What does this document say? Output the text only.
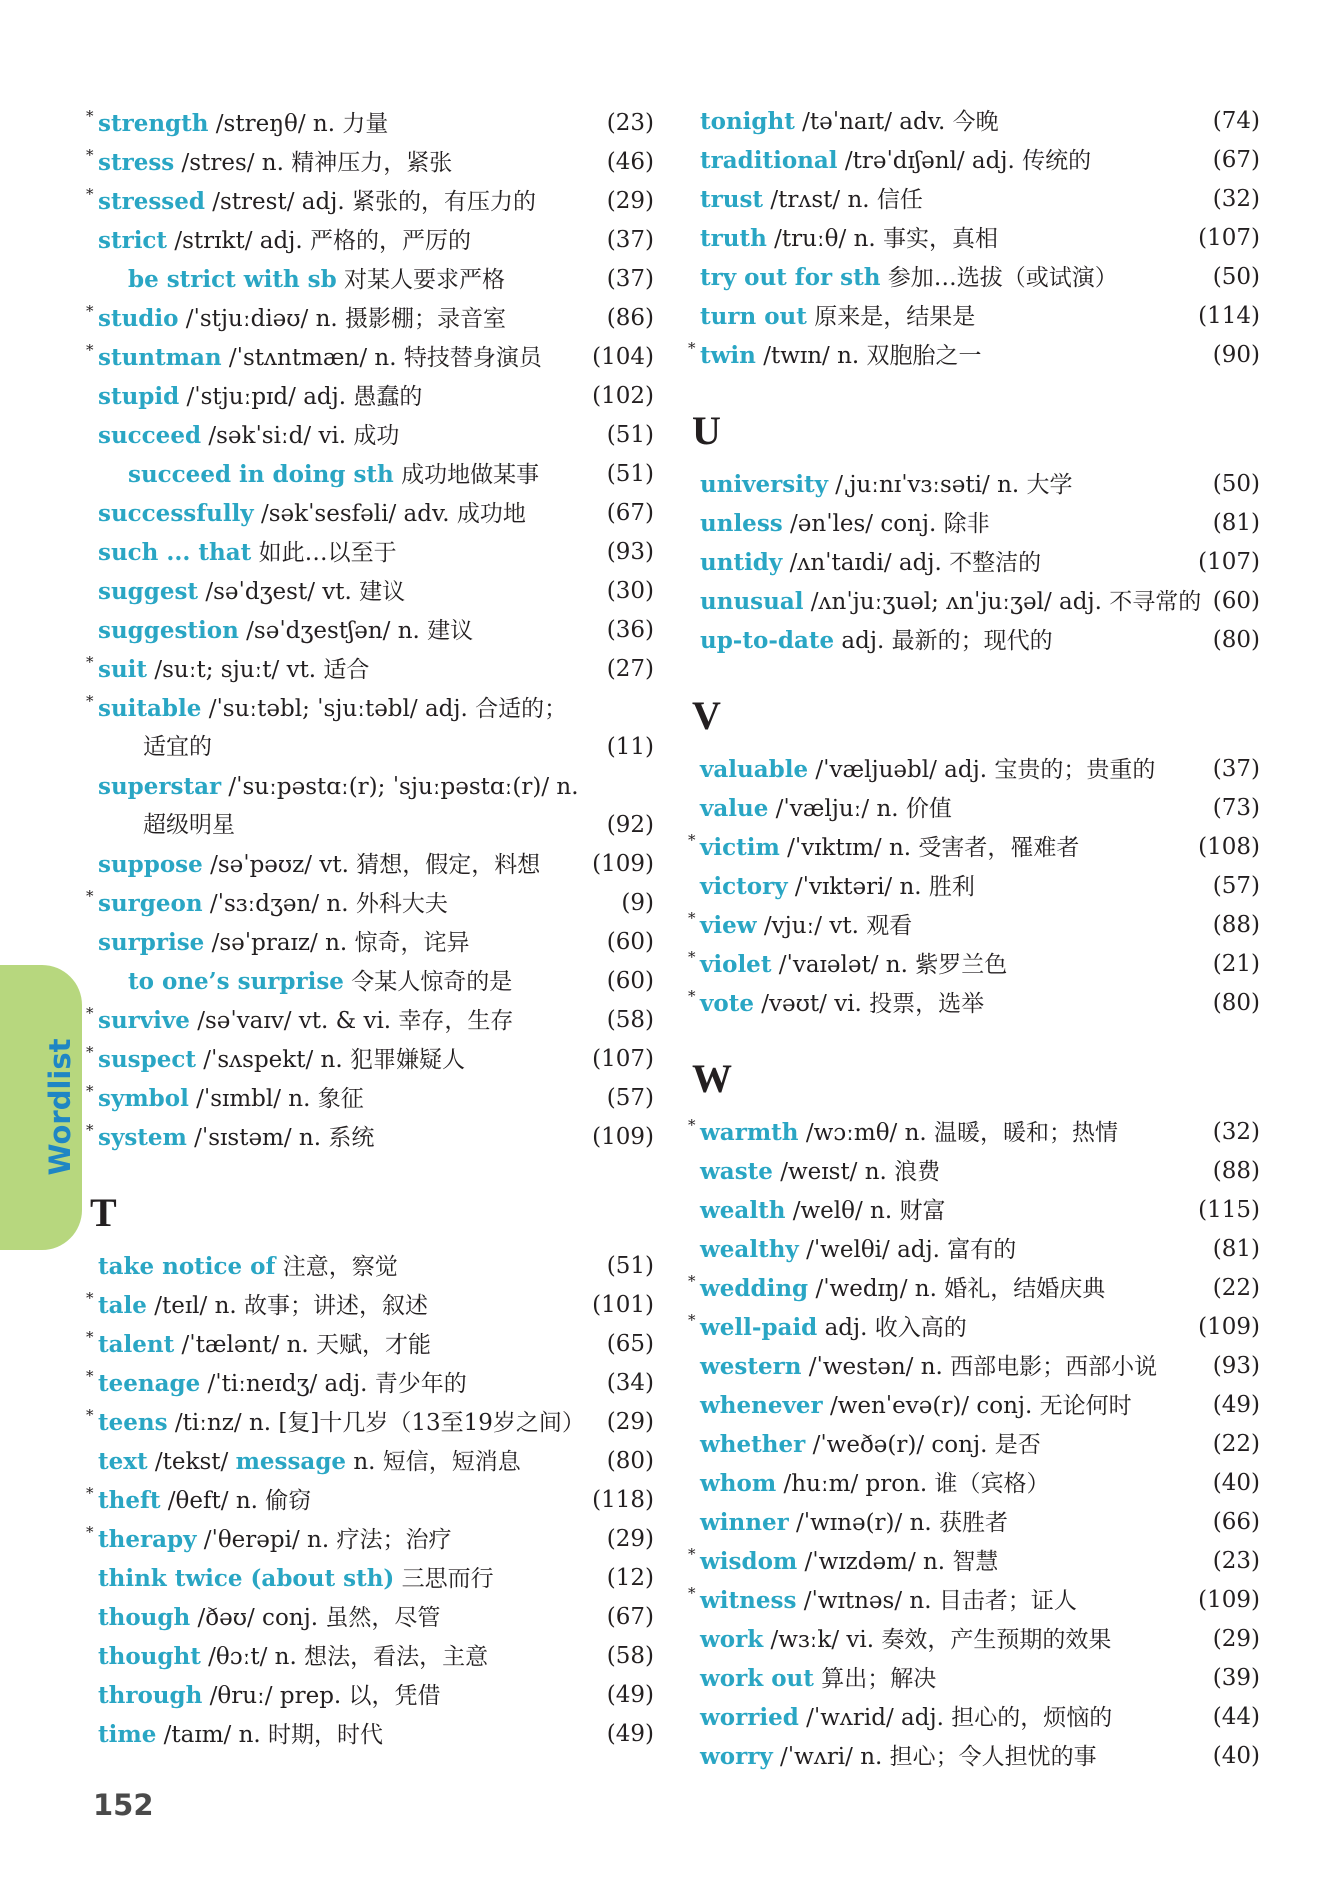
Wordlist
* strength /streŋθ/ n. 力量	(23)
* stress /stres/ n. 精神压力，紧张	(46)
* stressed /strest/ adj. 紧张的，有压力的	(29)
strict /strɪkt/ adj. 严格的，严厉的	(37)
be strict with sb 对某人要求严格	(37)
* studio /ˈstjuːdiəʊ/ n. 摄影棚；录音室	(86)
* stuntman /ˈstʌntmæn/ n. 特技替身演员 (104)
stupid /ˈstjuːpɪd/ adj. 愚蠢的	(102)
succeed /səkˈsiːd/ vi. 成功	(51)
succeed in doing sth 成功地做某事	(51)
successfully /səkˈsesfəli/ adv. 成功地	(67)
such ... that 如此…以至于	(93)
suggest /səˈdʒest/ vt. 建议	(30)
suggestion /səˈdʒestʃən/ n. 建议	(36)
* suit /suːt; sjuːt/ vt. 适合	(27)
* suitable /ˈsuːtəbl; ˈsjuːtəbl/ adj. 合适的；
适宜的	(11)
superstar /ˈsuːpəstɑː(r); ˈsjuːpəstɑː(r)/ n.
超级明星	(92)
suppose /səˈpəʊz/ vt. 猜想，假定，料想 (109)
* surgeon /ˈsɜːdʒən/ n. 外科大夫	(9)
surprise /səˈpraɪz/ n. 惊奇，诧异	(60)
to one’s surprise 令某人惊奇的是	(60)
* survive /səˈvaɪv/ vt. & vi. 幸存，生存	(58)
* suspect /ˈsʌspekt/ n. 犯罪嫌疑人	(107)
* symbol /ˈsɪmbl/ n. 象征	(57)
* system /ˈsɪstəm/ n. 系统	(109)
T
take notice of 注意，察觉	(51)
* tale /teɪl/ n. 故事；讲述，叙述	(101)
* talent /ˈtælənt/ n. 天赋，才能	(65)
* teenage /ˈtiːneɪdʒ/ adj. 青少年的	(34)
* teens /tiːnz/ n. [复]十几岁（13至19岁之间） (29)
text /tekst/ message n. 短信，短消息	(80)
* theft /θeft/ n. 偷窃	(118)
* therapy /ˈθerəpi/ n. 疗法；治疗	(29)
think twice (about sth) 三思而行	(12)
though /ðəʊ/ conj. 虽然，尽管	(67)
thought /θɔːt/ n. 想法，看法，主意	(58)
through /θruː/ prep. 以，凭借	(49)
time /taɪm/ n. 时期，时代	(49)
tonight /təˈnaɪt/ adv. 今晚	(74)
traditional /trəˈdɪʃənl/ adj. 传统的	(67)
trust /trʌst/ n. 信任	(32)
truth /truːθ/ n. 事实，真相	(107)
try out for sth 参加…选拔（或试演）	(50)
turn out 原来是，结果是	(114)
* twin /twɪn/ n. 双胞胎之一	(90)
U
university /ˌjuːnɪˈvɜːsəti/ n. 大学	(50)
unless /ənˈles/ conj. 除非	(81)
untidy /ʌnˈtaɪdi/ adj. 不整洁的	(107)
unusual /ʌnˈjuːʒuəl; ʌnˈjuːʒəl/ adj. 不寻常的 (60)
up-to-date adj. 最新的；现代的	(80)
V
valuable /ˈvæljuəbl/ adj. 宝贵的；贵重的 (37)
value /ˈvæljuː/ n. 价值	(73)
* victim /ˈvɪktɪm/ n. 受害者，罹难者	(108)
victory /ˈvɪktəri/ n. 胜利	(57)
* view /vjuː/ vt. 观看	(88)
* violet /ˈvaɪələt/ n. 紫罗兰色	(21)
* vote /vəʊt/ vi. 投票，选举	(80)
W
* warmth /wɔːmθ/ n. 温暖，暖和；热情	(32)
waste /weɪst/ n. 浪费	(88)
wealth /welθ/ n. 财富	(115)
wealthy /ˈwelθi/ adj. 富有的	(81)
* wedding /ˈwedɪŋ/ n. 婚礼，结婚庆典	(22)
* well-paid adj. 收入高的	(109)
western /ˈwestən/ n. 西部电影；西部小说 (93)
whenever /wenˈevə(r)/ conj. 无论何时	(49)
whether /ˈweðə(r)/ conj. 是否	(22)
whom /huːm/ pron. 谁（宾格）	(40)
winner /ˈwɪnə(r)/ n. 获胜者	(66)
* wisdom /ˈwɪzdəm/ n. 智慧	(23)
* witness /ˈwɪtnəs/ n. 目击者；证人	(109)
work /wɜːk/ vi. 奏效，产生预期的效果	(29)
work out 算出；解决	(39)
worried /ˈwʌrid/ adj. 担心的，烦恼的	(44)
worry /ˈwʌri/ n. 担心；令人担忧的事	(40)
152
